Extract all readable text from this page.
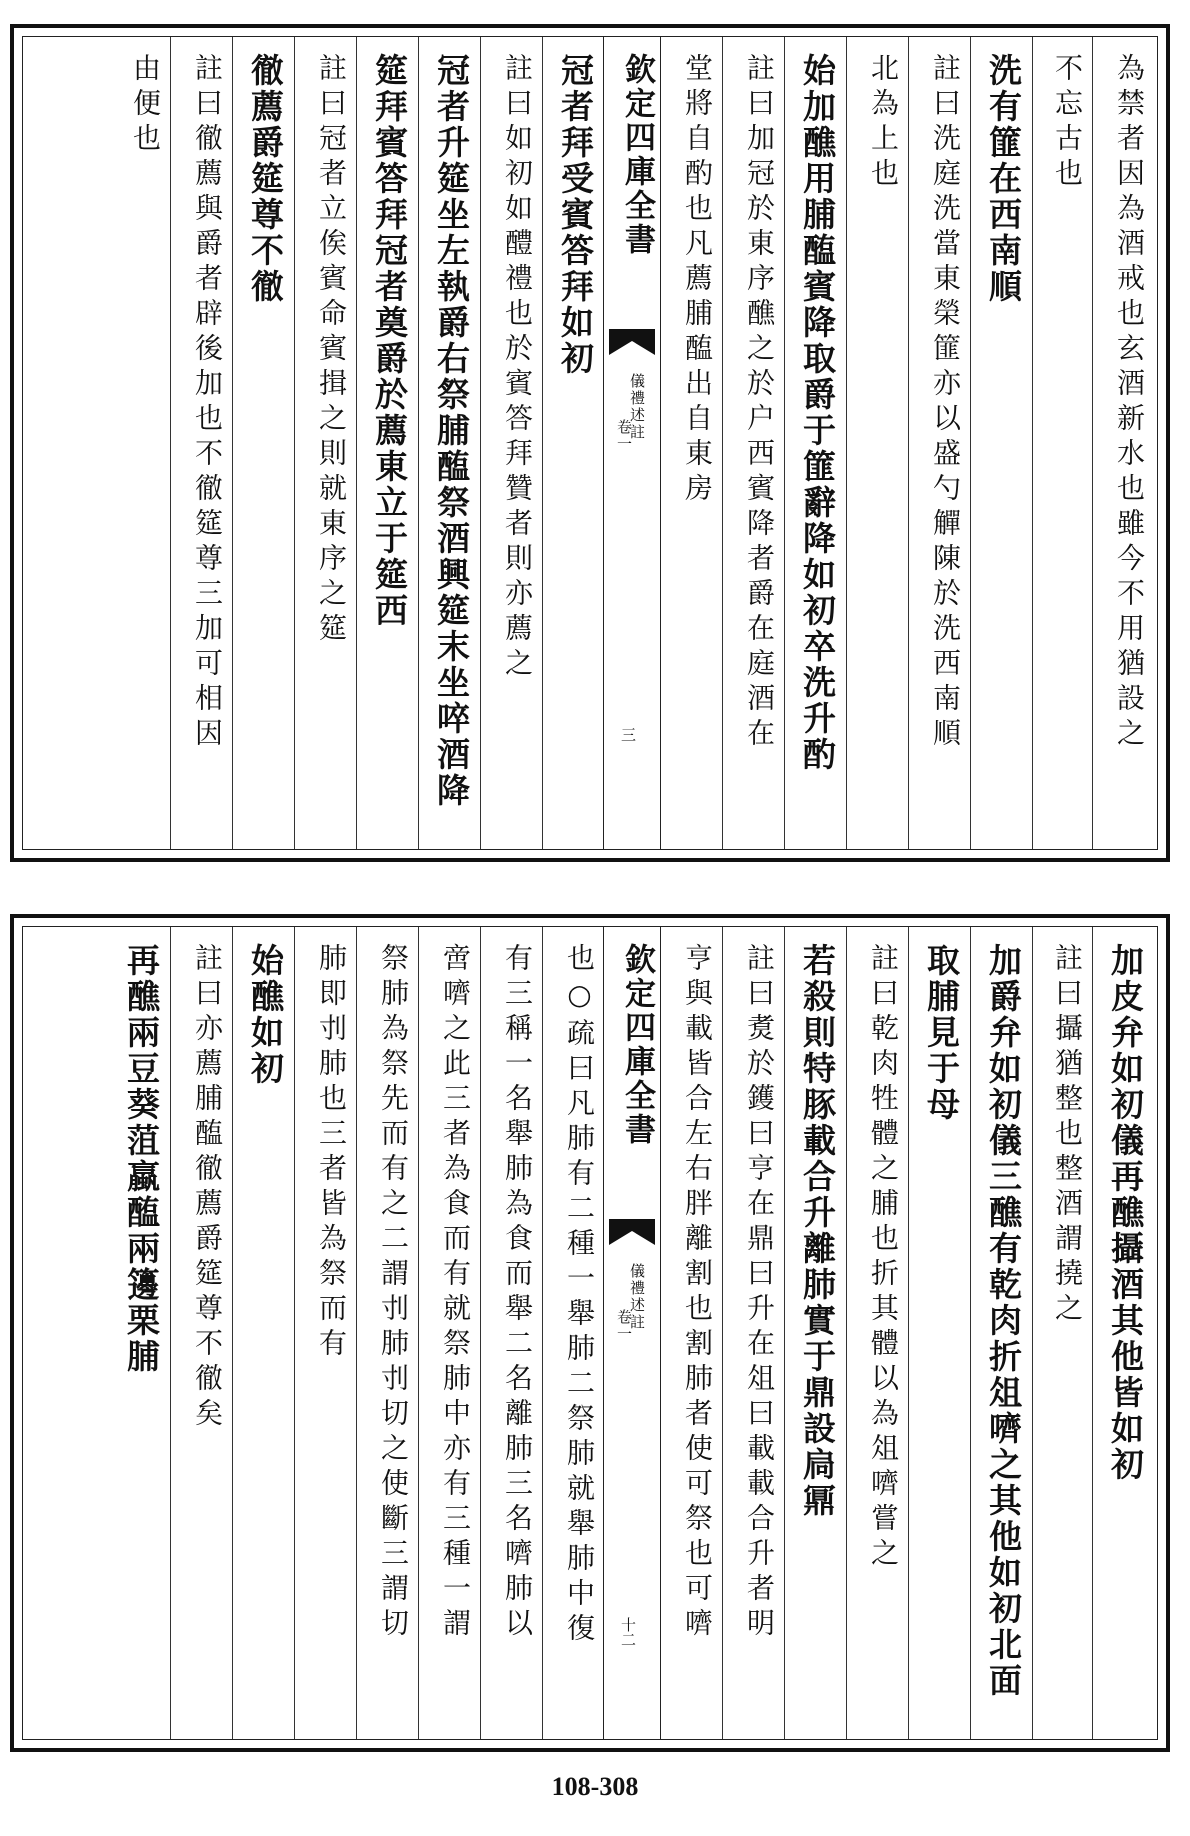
為禁者因為酒戒也玄酒新水也雖今不用猶設之
不忘古也
洗有篚在西南順
註曰洗庭洗當東榮篚亦以盛勺觶陳於洗西南順
北為上也
始加醮用脯醢賓降取爵于篚辭降如初卒洗升酌
註曰加冠於東序醮之於户西賓降者爵在庭酒在
堂將自酌也凡薦脯醢出自東房
欽定四庫全書
儀禮述註
卷一
三
冠者拜受賓答拜如初
註曰如初如醴禮也於賓答拜贊者則亦薦之
冠者升筵坐左執爵右祭脯醢祭酒興筵末坐啐酒降
筵拜賓答拜冠者奠爵於薦東立于筵西
註曰冠者立俟賓命賓揖之則就東序之筵
徹薦爵筵尊不徹
註曰徹薦與爵者辟後加也不徹筵尊三加可相因
由便也
加皮弁如初儀再醮攝酒其他皆如初
註曰攝猶整也整酒謂撓之
加爵弁如初儀三醮有乾肉折俎嚌之其他如初北面
取脯見于母
註曰乾肉牲體之脯也折其體以為俎嚌嘗之
若殺則特豚載合升離肺實于鼎設扃鼏
註曰煑於鑊曰亨在鼎曰升在俎曰載載合升者明
亨與載皆合左右胖離割也割肺者使可祭也可嚌
欽定四庫全書
儀禮述註
卷一
十二
也○疏曰凡肺有二種一舉肺二祭肺就舉肺中復
有三稱一名舉肺為食而舉二名離肺三名嚌肺以
啻嚌之此三者為食而有就祭肺中亦有三種一謂
祭肺為祭先而有之二謂刌肺刌切之使斷三謂切
肺即刌肺也三者皆為祭而有
始醮如初
註曰亦薦脯醢徹薦爵筵尊不徹矣
再醮兩豆葵菹蠃醢兩籩栗脯
108-308
